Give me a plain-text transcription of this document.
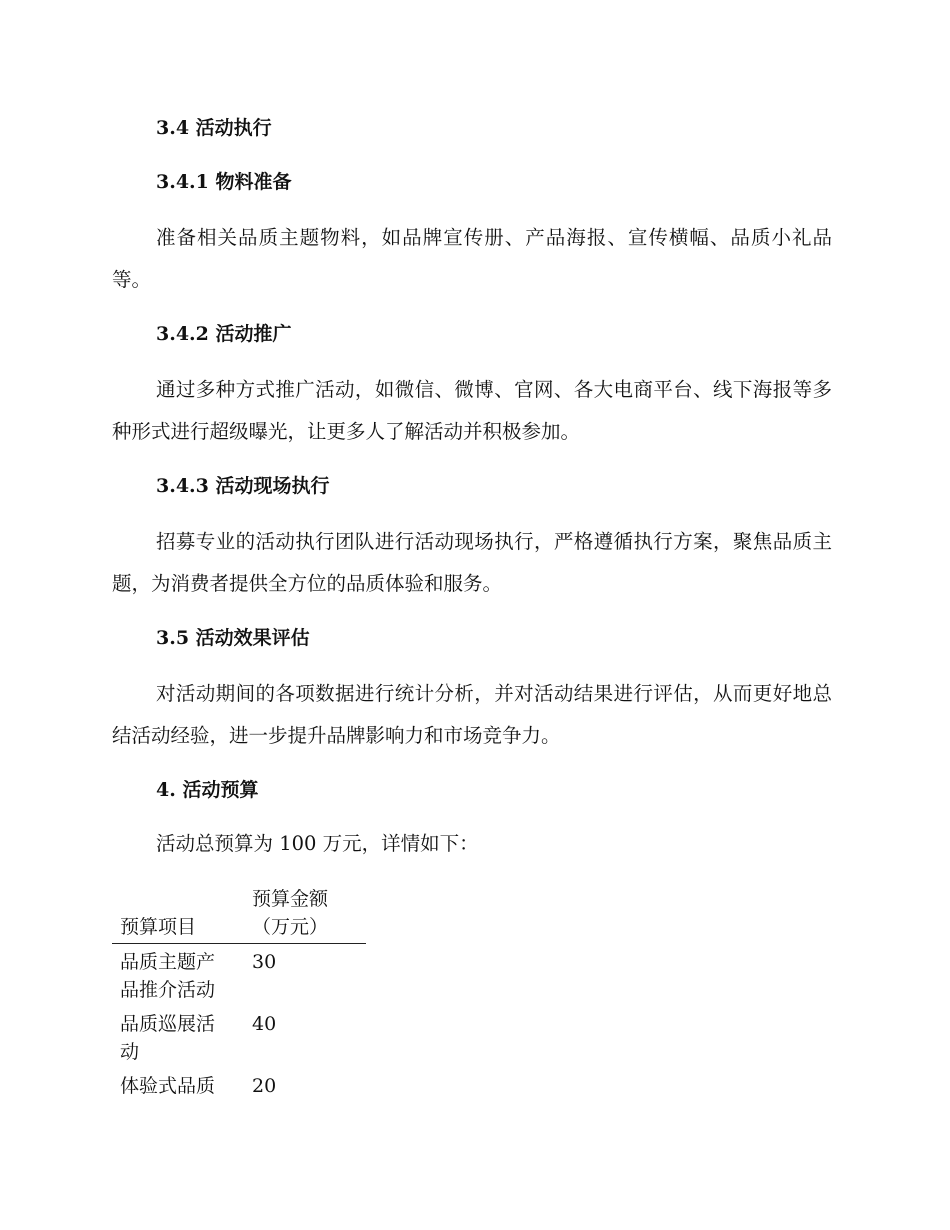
3.4 活动执行
3.4.1 物料准备
准备相关品质主题物料，如品牌宣传册、产品海报、宣传横幅、品质小礼品等。
3.4.2 活动推广
通过多种方式推广活动，如微信、微博、官网、各大电商平台、线下海报等多种形式进行超级曝光，让更多人了解活动并积极参加。
3.4.3 活动现场执行
招募专业的活动执行团队进行活动现场执行，严格遵循执行方案，聚焦品质主题，为消费者提供全方位的品质体验和服务。
3.5 活动效果评估
对活动期间的各项数据进行统计分析，并对活动结果进行评估，从而更好地总结活动经验，进一步提升品牌影响力和市场竞争力。
4. 活动预算
活动总预算为 100 万元，详情如下：
预算项目	预算金额（万元）

品质主题产品推介活动	30

品质巡展活动	40

体验式品质	20
